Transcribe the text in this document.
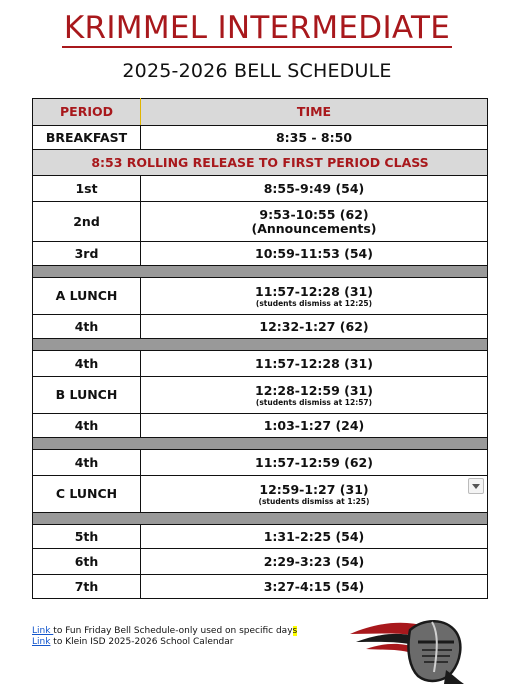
KRIMMEL INTERMEDIATE
2025-2026 BELL SCHEDULE
PERIOD	TIME
BREAKFAST	8:35 - 8:50
8:53 ROLLING RELEASE TO FIRST PERIOD CLASS	
1st	8:55-9:49 (54)
2nd	9:53-10:55 (62)
(Announcements)

3rd	10:59-11:53 (54)

A LUNCH	11:57-12:28 (31)
(students dismiss at 12:25)

4th	12:32-1:27 (62)

4th	11:57-12:28 (31)
B LUNCH	12:28-12:59 (31)
(students dismiss at 12:57)

4th	1:03-1:27 (24)

4th	11:57-12:59 (62)
C LUNCH	12:59-1:27 (31)
(students dismiss at 1:25)

5th	1:31-2:25 (54)
6th	2:29-3:23 (54)
7th	3:27-4:15 (54)
Link to Fun Friday Bell Schedule-only used on specific days
Link to Klein ISD 2025-2026 School Calendar
